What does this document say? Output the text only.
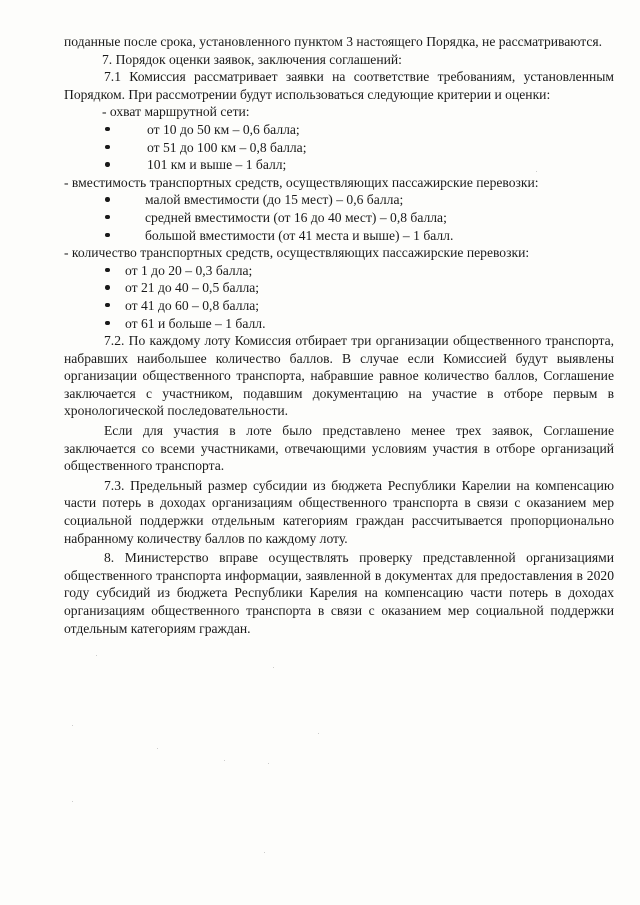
поданные после срока, установленного пунктом 3 настоящего Порядка, не рассматриваются.

7. Порядок оценки заявок, заключения соглашений:

7.1 Комиссия рассматривает заявки на соответствие требованиям, установленным Порядком. При рассмотрении будут использоваться следующие критерии и оценки:

- охват маршрутной сети:

от 10 до 50 км – 0,6 балла;
от 51 до 100 км – 0,8 балла;
101 км и выше – 1 балл;

- вместимость транспортных средств, осуществляющих пассажирские перевозки:

малой вместимости (до 15 мест) – 0,6 балла;
средней вместимости (от 16 до 40 мест) – 0,8 балла;
большой вместимости (от 41 места и выше) – 1 балл.

- количество транспортных средств, осуществляющих пассажирские перевозки:

от 1 до 20 – 0,3 балла;
от 21 до 40 – 0,5 балла;
от 41 до 60 – 0,8 балла;
от 61 и больше – 1 балл.

7.2. По каждому лоту Комиссия отбирает три организации общественного транспорта, набравших наибольшее количество баллов. В случае если Комиссией будут выявлены организации общественного транспорта, набравшие равное количество баллов, Соглашение заключается с участником, подавшим документацию на участие в отборе первым в хронологической последовательности.

Если для участия в лоте было представлено менее трех заявок, Соглашение заключается со всеми участниками, отвечающими условиям участия в отборе организаций общественного транспорта.

7.3. Предельный размер субсидии из бюджета Республики Карелии на компенсацию части потерь в доходах организациям общественного транспорта в связи с оказанием мер социальной поддержки отдельным категориям граждан рассчитывается пропорционально набранному количеству баллов по каждому лоту.

8. Министерство вправе осуществлять проверку представленной организациями общественного транспорта информации, заявленной в документах для предоставления в 2020 году субсидий из бюджета Республики Карелия на компенсацию части потерь в доходах организациям общественного транспорта в связи с оказанием мер социальной поддержки отдельным категориям граждан.
